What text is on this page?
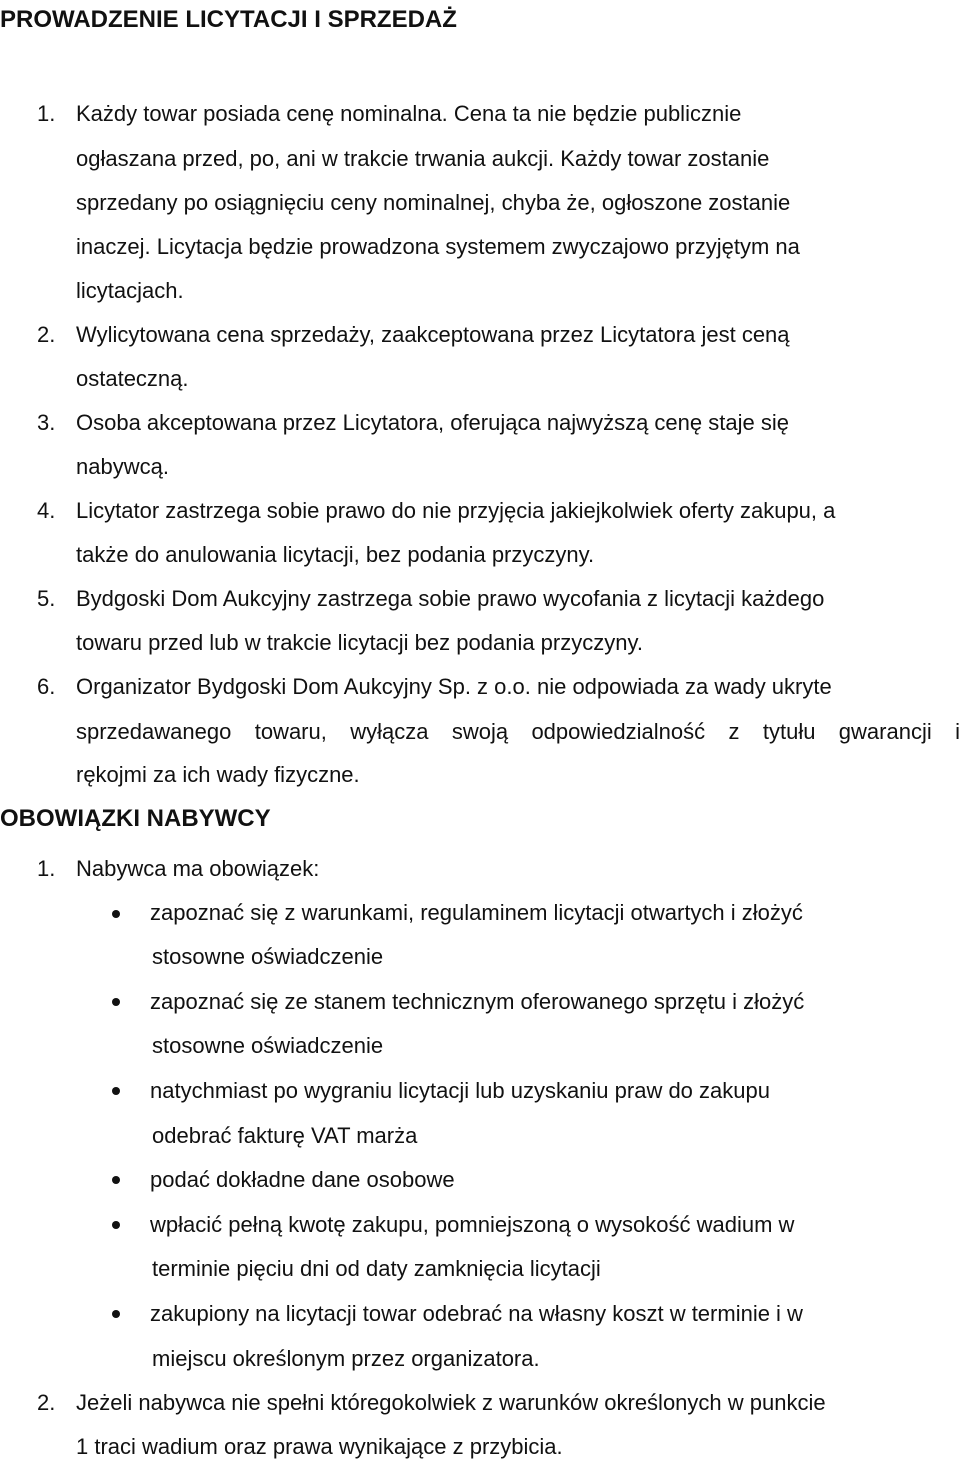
PROWADZENIE LICYTACJI I SPRZEDAŻ
1. Każdy towar posiada cenę nominalna. Cena ta nie będzie publicznie
ogłaszana przed, po, ani w trakcie trwania aukcji. Każdy towar zostanie
sprzedany po osiągnięciu ceny nominalnej, chyba że, ogłoszone zostanie
inaczej. Licytacja będzie prowadzona systemem zwyczajowo przyjętym na
licytacjach.
2. Wylicytowana cena sprzedaży, zaakceptowana przez Licytatora jest ceną
ostateczną.
3. Osoba akceptowana przez Licytatora, oferująca najwyższą cenę staje się
nabywcą.
4. Licytator zastrzega sobie prawo do nie przyjęcia jakiejkolwiek oferty zakupu, a
także do anulowania licytacji, bez podania przyczyny.
5. Bydgoski Dom Aukcyjny zastrzega sobie prawo wycofania z licytacji każdego
towaru przed lub w trakcie licytacji bez podania przyczyny.
6. Organizator Bydgoski Dom Aukcyjny Sp. z o.o. nie odpowiada za wady ukryte
sprzedawanego towaru, wyłącza swoją odpowiedzialność z tytułu gwarancji i
rękojmi za ich wady fizyczne.
OBOWIĄZKI NABYWCY
1. Nabywca ma obowiązek:
zapoznać się z warunkami, regulaminem licytacji otwartych i złożyć
stosowne oświadczenie
zapoznać się ze stanem technicznym oferowanego sprzętu i złożyć
stosowne oświadczenie
natychmiast po wygraniu licytacji lub uzyskaniu praw do zakupu
odebrać fakturę VAT marża
podać dokładne dane osobowe
wpłacić pełną kwotę zakupu, pomniejszoną o wysokość wadium w
terminie pięciu dni od daty zamknięcia licytacji
zakupiony na licytacji towar odebrać na własny koszt w terminie i w
miejscu określonym przez organizatora.
2. Jeżeli nabywca nie spełni któregokolwiek z warunków określonych w punkcie
1 traci wadium oraz prawa wynikające z przybicia.
